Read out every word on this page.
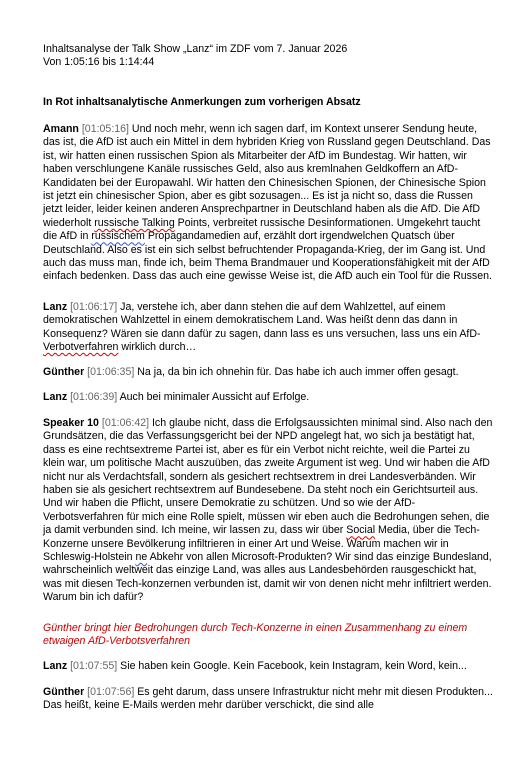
Inhaltsanalyse der Talk Show „Lanz“ im ZDF vom 7. Januar 2026
Von 1:05:16 bis 1:14:44
In Rot inhaltsanalytische Anmerkungen zum vorherigen Absatz

Amann [01:05:16] Und noch mehr, wenn ich sagen darf, im Kontext unserer Sendung heute, das ist, die AfD ist auch ein Mittel in dem hybriden Krieg von Russland gegen Deutschland. Das ist, wir hatten einen russischen Spion als Mitarbeiter der AfD im Bundestag. Wir hatten, wir haben verschlungene Kanäle russisches Geld, also aus kremlnahen Geldkoffern an AfD-Kandidaten bei der Europawahl. Wir hatten den Chinesischen Spionen, der Chinesische Spion ist jetzt ein chinesischer Spion, aber es gibt sozusagen... Es ist ja nicht so, dass die Russen jetzt leider, leider keinen anderen Ansprechpartner in Deutschland haben als die AfD. Die AfD wiederholt russische Talking Points, verbreitet russische Desinformationen. Umgekehrt taucht die AfD in russischem Propagandamedien auf, erzählt dort irgendwelchen Quatsch über Deutschland. Also es ist ein sich selbst befruchtender Propaganda-Krieg, der im Gang ist. Und auch das muss man, finde ich, beim Thema Brandmauer und Kooperationsfähigkeit mit der AfD einfach bedenken. Dass das auch eine gewisse Weise ist, die AfD auch ein Tool für die Russen.

Lanz [01:06:17] Ja, verstehe ich, aber dann stehen die auf dem Wahlzettel, auf einem demokratischen Wahlzettel in einem demokratischem Land. Was heißt denn das dann in Konsequenz? Wären sie dann dafür zu sagen, dann lass es uns versuchen, lass uns ein AfD-Verbotverfahren wirklich durch…

Günther [01:06:35] Na ja, da bin ich ohnehin für. Das habe ich auch immer offen gesagt.

Lanz [01:06:39] Auch bei minimaler Aussicht auf Erfolge.

Speaker 10 [01:06:42] Ich glaube nicht, dass die Erfolgsaussichten minimal sind. Also nach den Grundsätzen, die das Verfassungsgericht bei der NPD angelegt hat, wo sich ja bestätigt hat, dass es eine rechtsextreme Partei ist, aber es für ein Verbot nicht reichte, weil die Partei zu klein war, um politische Macht auszuüben, das zweite Argument ist weg. Und wir haben die AfD nicht nur als Verdachtsfall, sondern als gesichert rechtsextrem in drei Landesverbänden. Wir haben sie als gesichert rechtsextrem auf Bundesebene. Da steht noch ein Gerichtsurteil aus. Und wir haben die Pflicht, unsere Demokratie zu schützen. Und so wie der AfD-Verbotsverfahren für mich eine Rolle spielt, müssen wir eben auch die Bedrohungen sehen, die ja damit verbunden sind. Ich meine, wir lassen zu, dass wir über Social Media, über die Tech-Konzerne unsere Bevölkerung infiltrieren in einer Art und Weise. Warum machen wir in Schleswig-Holstein ne Abkehr von allen Microsoft-Produkten? Wir sind das einzige Bundesland, wahrscheinlich weltweit das einzige Land, was alles aus Landesbehörden rausgeschickt hat, was mit diesen Tech-konzernen verbunden ist, damit wir von denen nicht mehr infiltriert werden. Warum bin ich dafür?

Günther bringt hier Bedrohungen durch Tech-Konzerne in einen Zusammenhang zu einem etwaigen AfD-Verbotsverfahren

Lanz [01:07:55] Sie haben kein Google. Kein Facebook, kein Instagram, kein Word, kein...

Günther [01:07:56] Es geht darum, dass unsere Infrastruktur nicht mehr mit diesen Produkten... Das heißt, keine E-Mails werden mehr darüber verschickt, die sind alle
